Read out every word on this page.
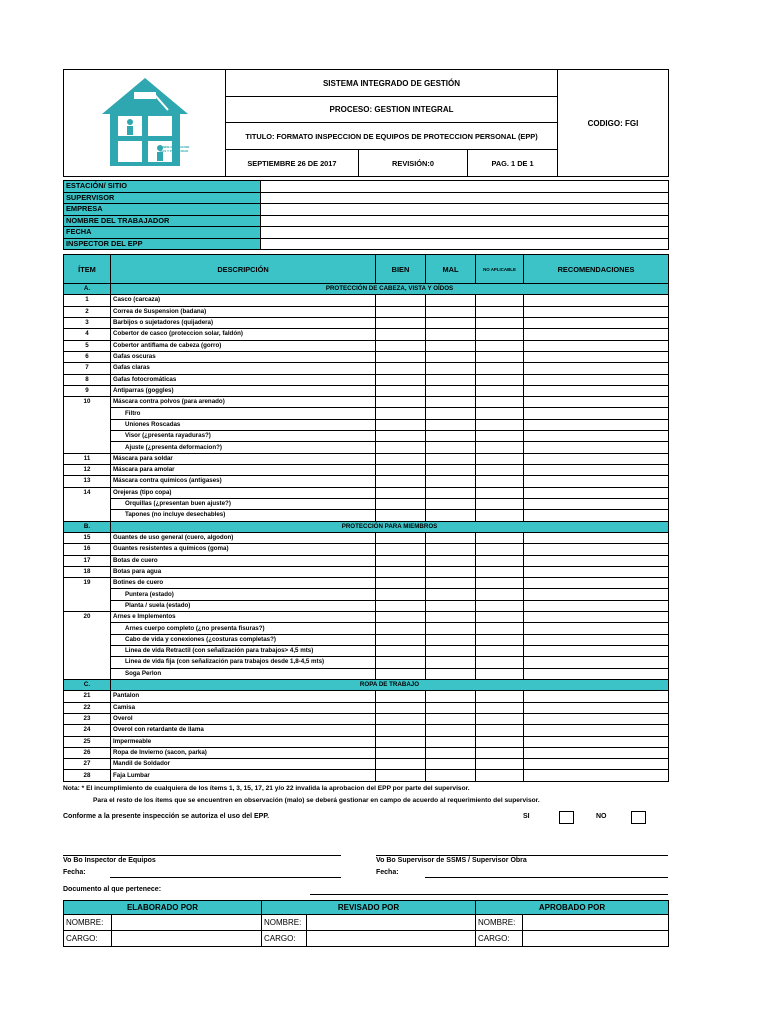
RESIDE REPOSICION
MAS Y PUBLICIDAD
	SISTEMA INTEGRADO DE GESTIÓN	CODIGO: FGI
PROCESO: GESTION INTEGRAL
TITULO: FORMATO INSPECCION DE EQUIPOS DE PROTECCION PERSONAL (EPP)

SEPTIEMBRE 26 DE 2017	REVISIÓN:0	PAG. 1 DE 1
ESTACIÓN/ SITIO	
SUPERVISOR	
EMPRESA	
NOMBRE DEL TRABAJADOR	
FECHA	
INSPECTOR DEL EPP	
ÍTEM	DESCRIPCIÓN	BIEN	MAL	NO APLICABLE	RECOMENDACIONES
A.	PROTECCIÓN DE CABEZA, VISTA Y OÍDOS				
1	Casco (carcaza)				
2	Correa de Suspension (badana)				
3	Barbijos o sujetadores (quijadera)				
4	Cobertor de casco (proteccion solar, faldón)				
5	Cobertor antiflama de cabeza (gorro)				
6	Gafas oscuras				
7	Gafas claras				
8	Gafas fotocromáticas				
9	Antiparras (goggles)				
10	Máscara contra polvos (para arenado)				
	Filtro				
	Uniones Roscadas				
	Visor (¿presenta rayaduras?)				
	Ajuste (¿presenta deformacion?)				
11	Máscara para soldar				
12	Máscara para amolar				
13	Máscara contra químicos (antigases)				
14	Orejeras (tipo copa)				
	Orquillas (¿presentan buen ajuste?)				
	Tapones (no incluye desechables)				
B.	PROTECCIÓN PARA MIEMBROS				
15	Guantes de uso general (cuero, algodon)				
16	Guantes resistentes a químicos (goma)				
17	Botas de cuero				
18	Botas para agua				
19	Botines de cuero				
	Puntera (estado)				
	Planta / suela (estado)				
20	Arnes e Implementos				
	Arnes cuerpo completo (¿no presenta fisuras?)				
	Cabo de vida y conexiones (¿costuras completas?)				
	Linea de vida Retractil (con señalización para trabajos> 4,5 mts)				
	Linea de vida fija (con señalización para trabajos desde 1,8-4,5 mts)				
	Soga Perlon				
C.	ROPA DE TRABAJO				
21	Pantalon				
22	Camisa				
23	Overol				
24	Overol con retardante de llama				
25	Impermeable				
26	Ropa de Invierno (sacon, parka)				
27	Mandil de Soldador				
28	Faja Lumbar				
Nota: * El incumplimiento de cualquiera de los ítems 1, 3, 15, 17, 21 y/o 22 invalida la aprobacion del EPP por parte del supervisor.
Para el resto de los ítems que se encuentren en observación (malo) se deberá gestionar en campo de acuerdo al requerimiento del supervisor.
Conforme a la presente inspección se autoriza el uso del EPP.	SI	NO
Vo Bo Inspector de Equipos	Vo Bo Supervisor de SSMS / Supervisor Obra
Fecha:	Fecha:
Documento al que pertenece:
ELABORADO POR		REVISADO POR		APROBADO POR	
NOMBRE:		NOMBRE:		NOMBRE:	
CARGO:		CARGO:		CARGO:	
